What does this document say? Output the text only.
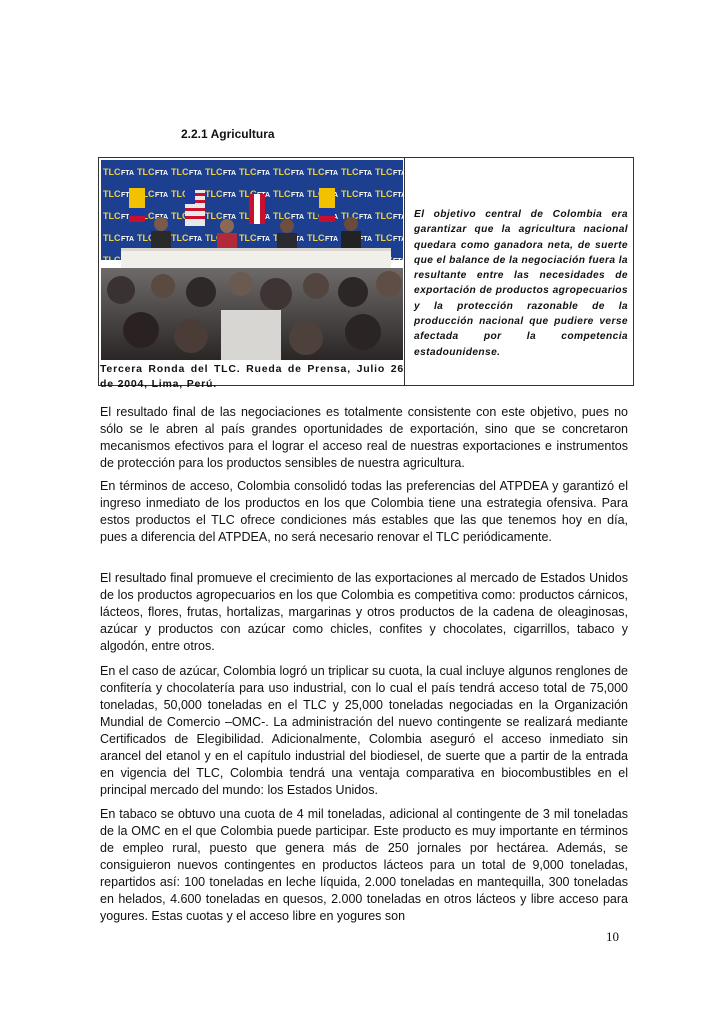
2.2.1 Agricultura
Tercera Ronda del TLC. Rueda de Prensa, Julio 26 de 2004, Lima, Perú.
El objetivo central de Colombia era garantizar que la agricultura nacional quedara como ganadora neta, de suerte que el balance de la negociación fuera la resultante entre las necesidades de exportación de productos agropecuarios y la protección razonable de la producción nacional que pudiere verse afectada por la competencia estadounidense.

El resultado final de las negociaciones es totalmente consistente con este objetivo, pues no sólo se le abren al país grandes oportunidades de exportación, sino que se concretaron mecanismos efectivos para el lograr el acceso real de nuestras exportaciones e instrumentos de protección para los productos sensibles de nuestra agricultura.

En términos de acceso, Colombia consolidó todas las preferencias del ATPDEA y garantizó el ingreso inmediato de los productos en los que Colombia tiene una estrategia ofensiva. Para estos productos el TLC ofrece condiciones más estables que las que tenemos hoy en día, pues a diferencia del ATPDEA, no será necesario renovar el TLC periódicamente.

El resultado final promueve el crecimiento de las exportaciones al mercado de Estados Unidos de los productos agropecuarios en los que Colombia es competitiva como: productos cárnicos, lácteos, flores, frutas, hortalizas, margarinas y otros productos de la cadena de oleaginosas, azúcar y productos con azúcar como chicles, confites y chocolates, cigarrillos, tabaco y algodón, entre otros.

En el caso de azúcar, Colombia logró un triplicar su cuota, la cual incluye algunos renglones de confitería y chocolatería para uso industrial, con lo cual el país tendrá acceso total de 75,000 toneladas, 50,000 toneladas en el TLC y 25,000 toneladas negociadas en la Organización Mundial de Comercio –OMC-. La administración del nuevo contingente se realizará mediante Certificados de Elegibilidad. Adicionalmente, Colombia aseguró el acceso inmediato sin arancel del etanol y en el capítulo industrial del biodiesel, de suerte que a partir de la entrada en vigencia del TLC, Colombia tendrá una ventaja comparativa en biocombustibles en el principal mercado del mundo: los Estados Unidos.

En tabaco se obtuvo una cuota de 4 mil toneladas, adicional al contingente de 3 mil toneladas de la OMC en el que Colombia puede participar. Este producto es muy importante en términos de empleo rural, puesto que genera más de 250 jornales por hectárea. Además, se consiguieron nuevos contingentes en productos lácteos para un total de 9,000 toneladas, repartidos así: 100 toneladas en leche líquida, 2.000 toneladas en mantequilla, 300 toneladas en helados, 4.600 toneladas en quesos, 2.000 toneladas en otros lácteos y libre acceso para yogures. Estas cuotas y el acceso libre en yogures son

10
